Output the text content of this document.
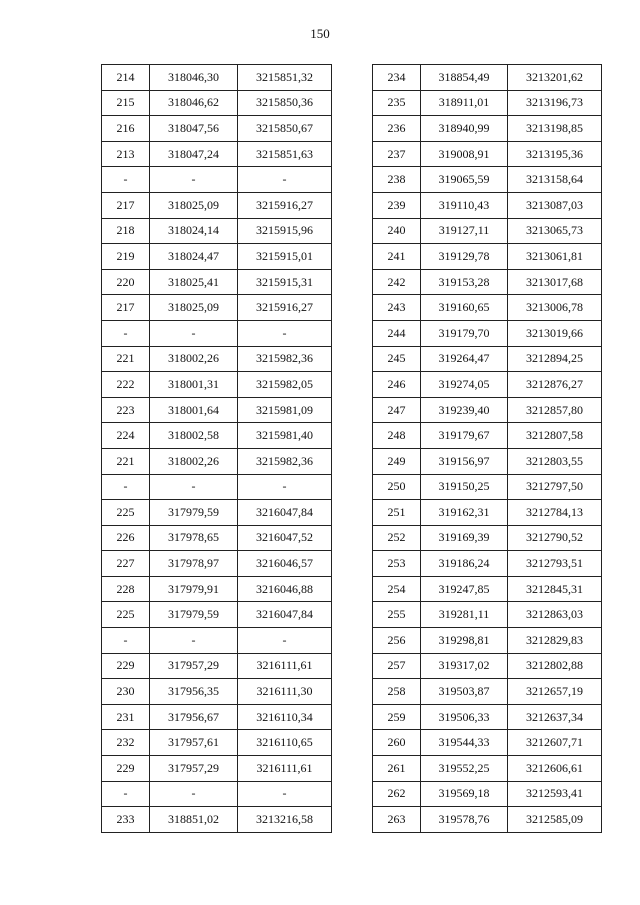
150
214	318046,30	3215851,32
215	318046,62	3215850,36
216	318047,56	3215850,67
213	318047,24	3215851,63
-	-	-
217	318025,09	3215916,27
218	318024,14	3215915,96
219	318024,47	3215915,01
220	318025,41	3215915,31
217	318025,09	3215916,27
-	-	-
221	318002,26	3215982,36
222	318001,31	3215982,05
223	318001,64	3215981,09
224	318002,58	3215981,40
221	318002,26	3215982,36
-	-	-
225	317979,59	3216047,84
226	317978,65	3216047,52
227	317978,97	3216046,57
228	317979,91	3216046,88
225	317979,59	3216047,84
-	-	-
229	317957,29	3216111,61
230	317956,35	3216111,30
231	317956,67	3216110,34
232	317957,61	3216110,65
229	317957,29	3216111,61
-	-	-
233	318851,02	3213216,58
234	318854,49	3213201,62
235	318911,01	3213196,73
236	318940,99	3213198,85
237	319008,91	3213195,36
238	319065,59	3213158,64
239	319110,43	3213087,03
240	319127,11	3213065,73
241	319129,78	3213061,81
242	319153,28	3213017,68
243	319160,65	3213006,78
244	319179,70	3213019,66
245	319264,47	3212894,25
246	319274,05	3212876,27
247	319239,40	3212857,80
248	319179,67	3212807,58
249	319156,97	3212803,55
250	319150,25	3212797,50
251	319162,31	3212784,13
252	319169,39	3212790,52
253	319186,24	3212793,51
254	319247,85	3212845,31
255	319281,11	3212863,03
256	319298,81	3212829,83
257	319317,02	3212802,88
258	319503,87	3212657,19
259	319506,33	3212637,34
260	319544,33	3212607,71
261	319552,25	3212606,61
262	319569,18	3212593,41
263	319578,76	3212585,09
